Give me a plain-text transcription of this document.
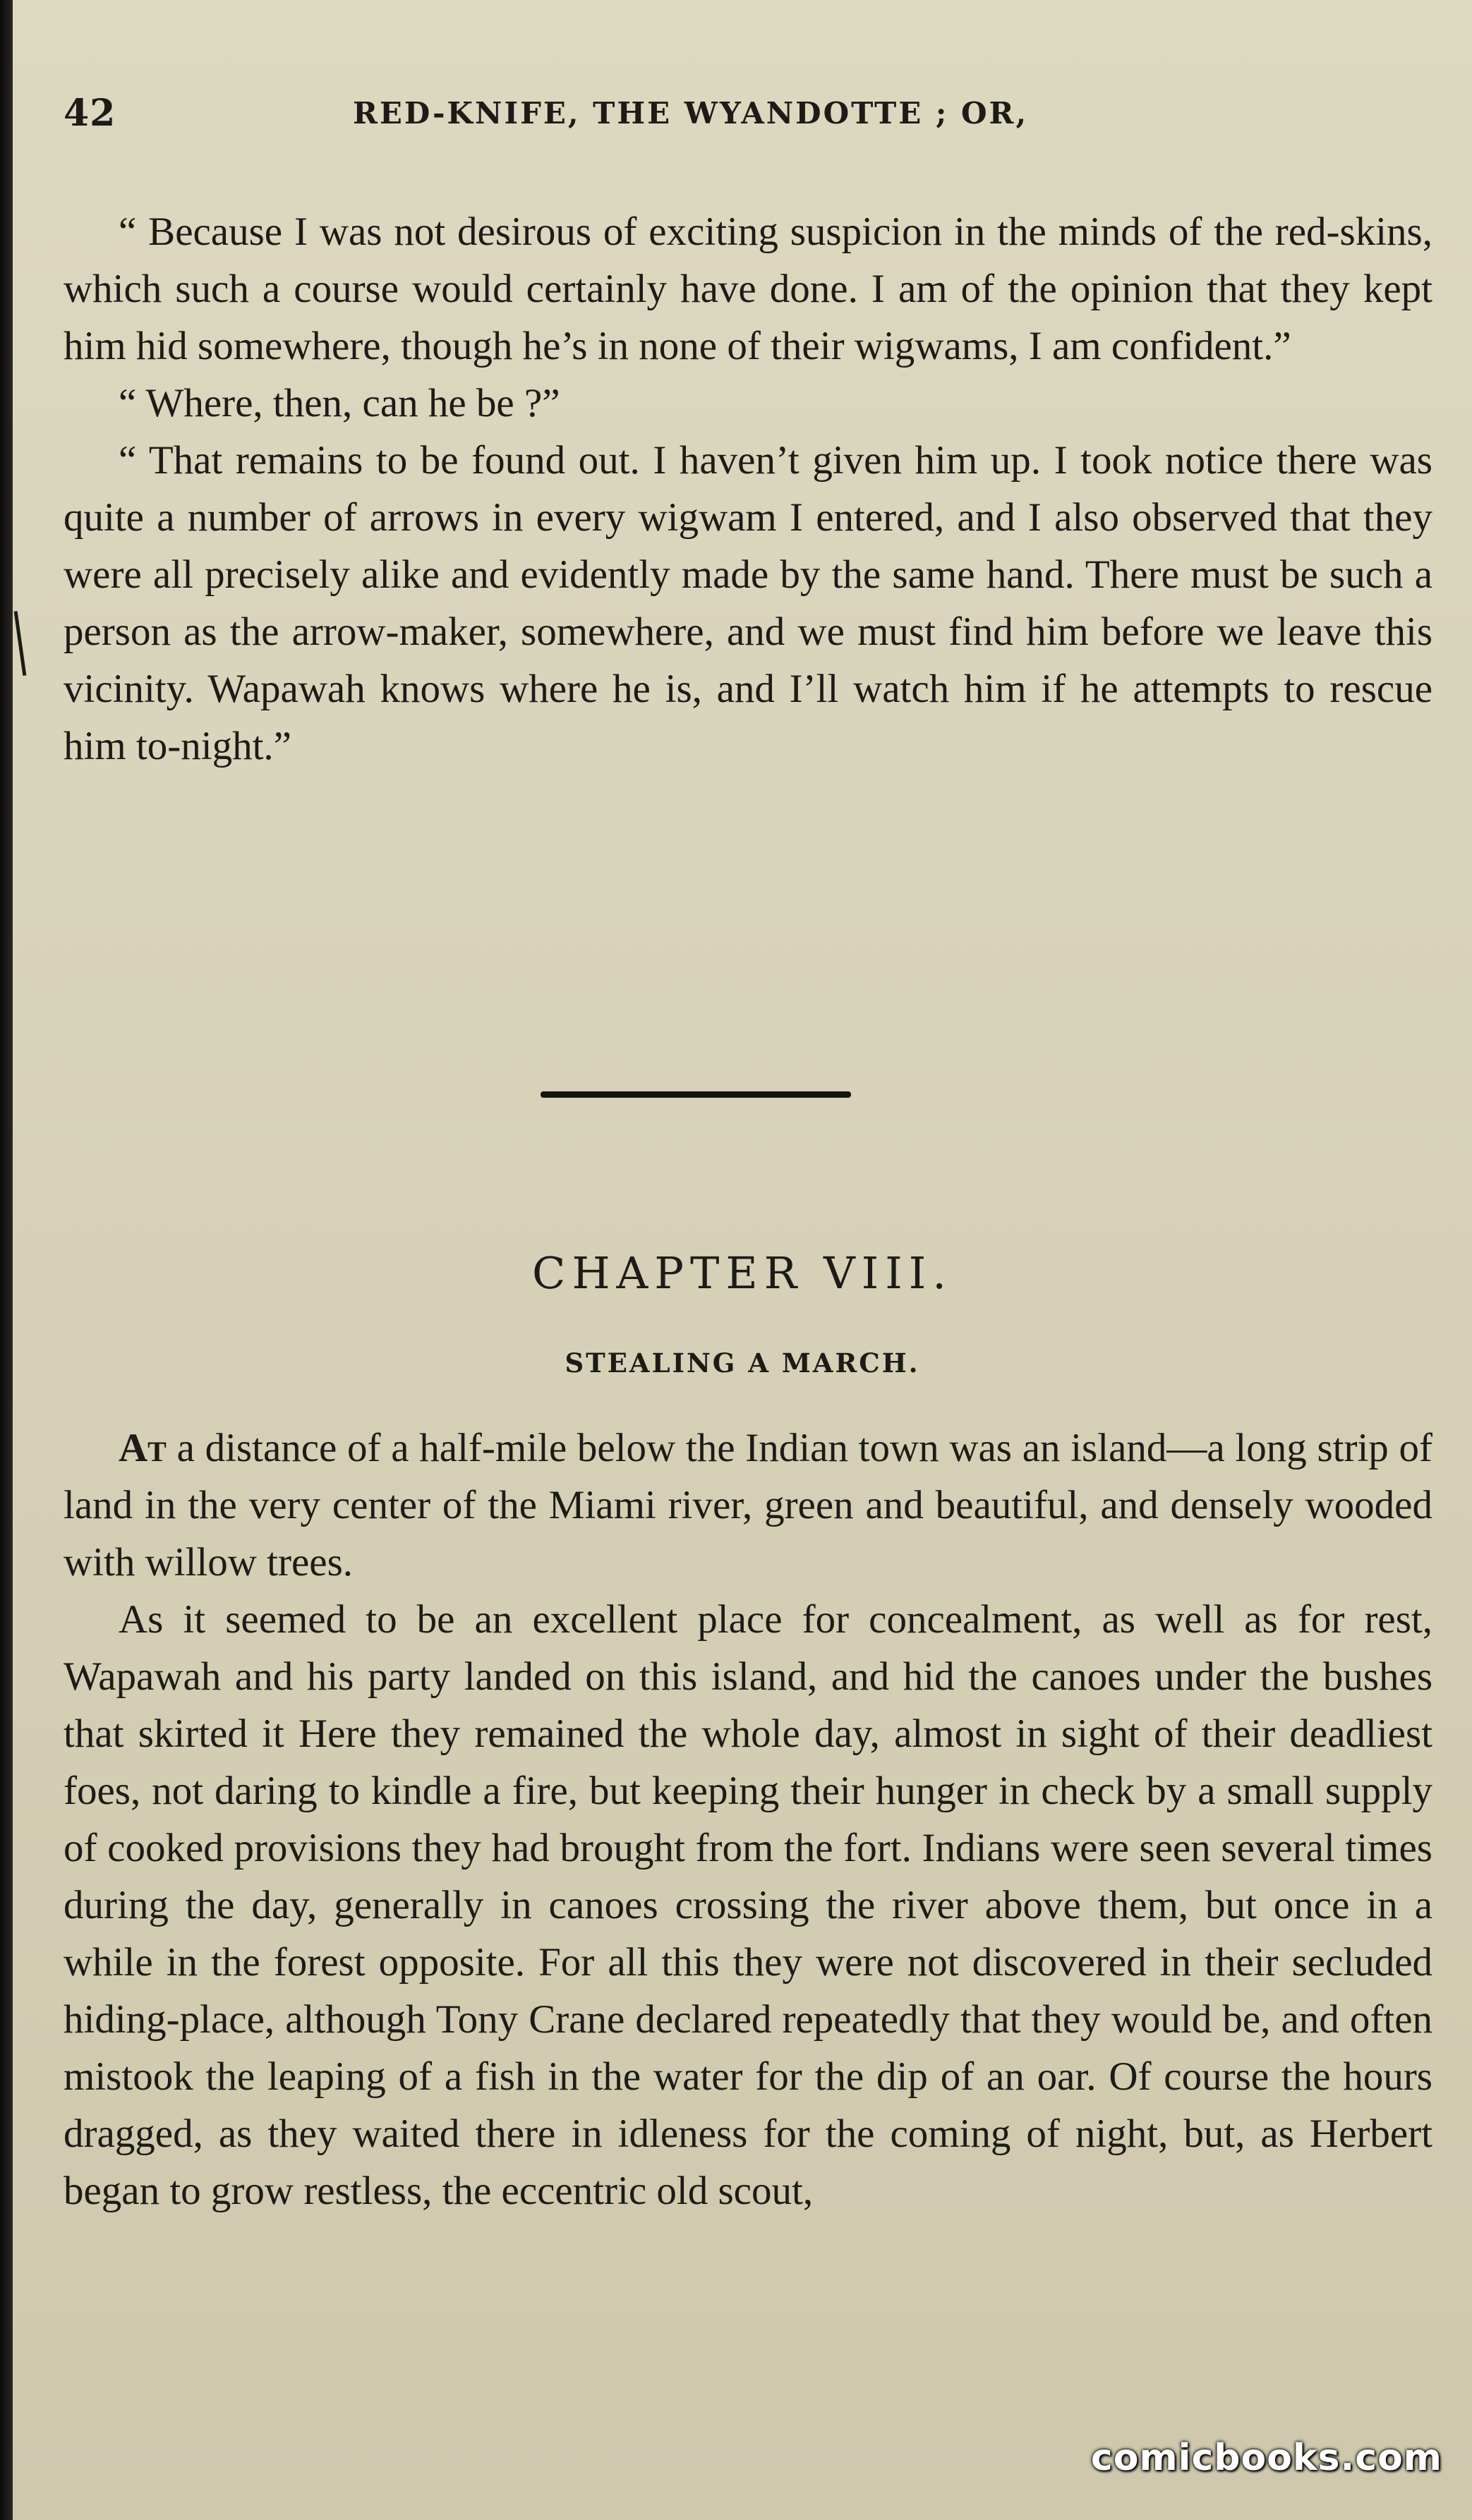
42	RED-KNIFE, THE WYANDOTTE ; OR,

“ Because I was not desirous of exciting suspicion in the minds of the red-skins, which such a course would certainly have done. I am of the opinion that they kept him hid somewhere, though he’s in none of their wigwams, I am confident.”

“ Where, then, can he be ?”

“ That remains to be found out. I haven’t given him up. I took notice there was quite a number of arrows in every wigwam I entered, and I also observed that they were all precisely alike and evidently made by the same hand. There must be such a person as the arrow-maker, somewhere, and we must find him before we leave this vicinity. Wapawah knows where he is, and I’ll watch him if he attempts to rescue him to-night.”

CHAPTER VIII.
STEALING A MARCH.

At a distance of a half-mile below the Indian town was an island—a long strip of land in the very center of the Miami river, green and beautiful, and densely wooded with willow trees.

As it seemed to be an excellent place for concealment, as well as for rest, Wapawah and his party landed on this island, and hid the canoes under the bushes that skirted it Here they remained the whole day, almost in sight of their deadliest foes, not daring to kindle a fire, but keeping their hunger in check by a small supply of cooked provisions they had brought from the fort. Indians were seen several times during the day, generally in canoes crossing the river above them, but once in a while in the forest opposite. For all this they were not discovered in their secluded hiding-place, although Tony Crane declared repeatedly that they would be, and often mistook the leaping of a fish in the water for the dip of an oar. Of course the hours dragged, as they waited there in idleness for the coming of night, but, as Herbert began to grow restless, the eccentric old scout,

comicbooks.com
